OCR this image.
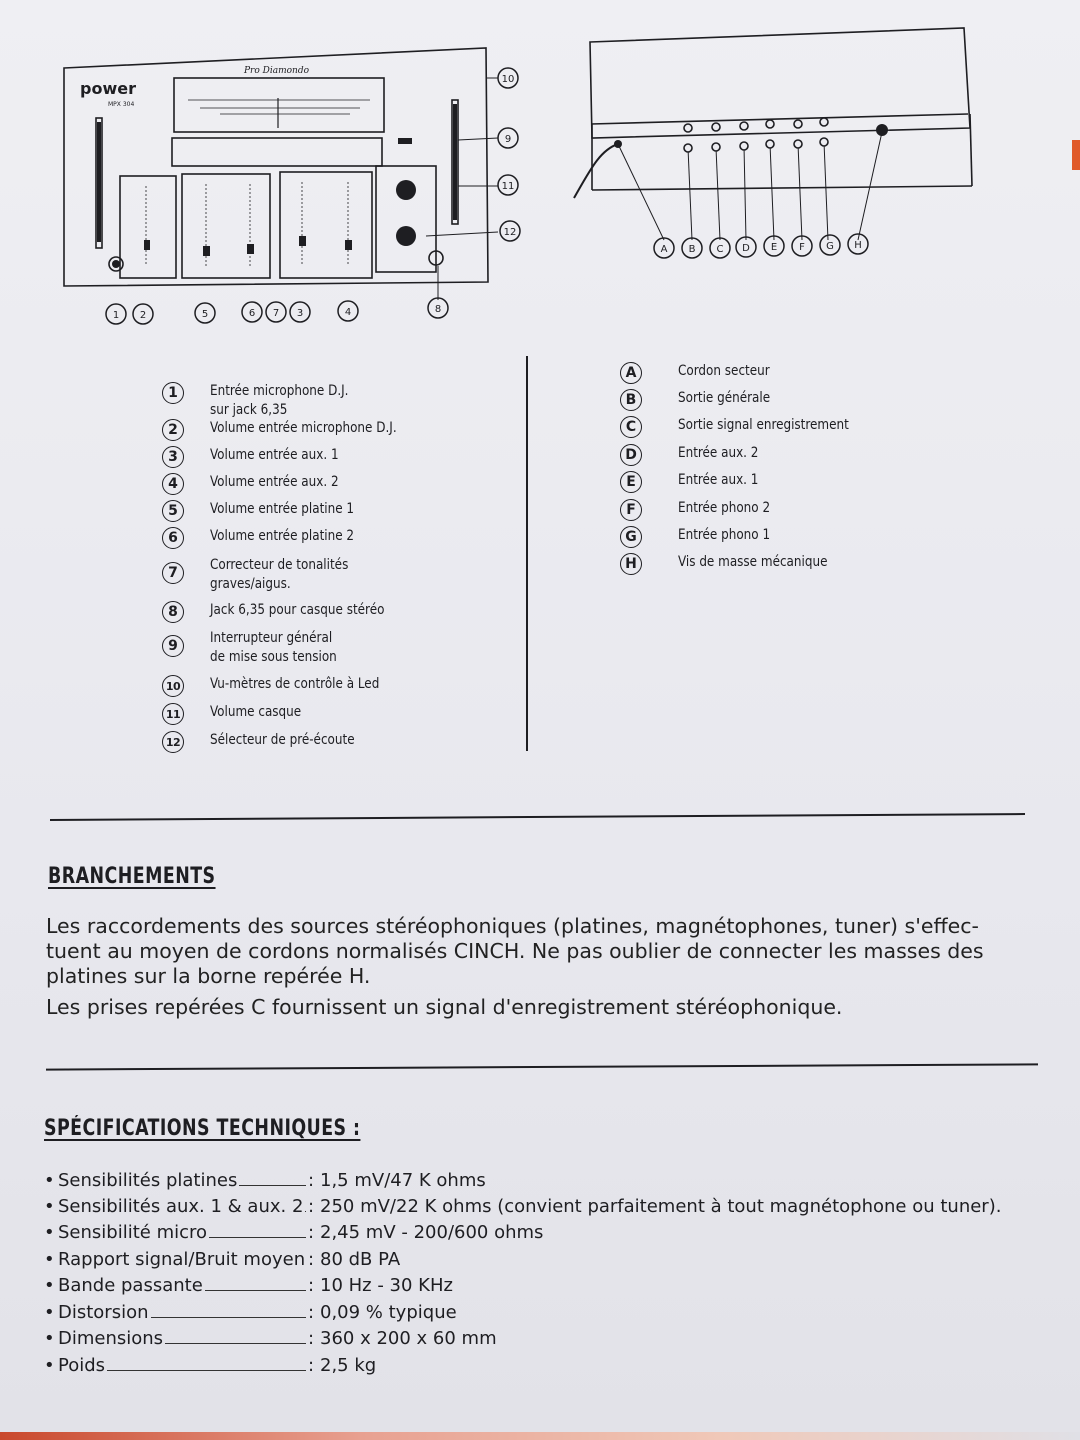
power
MPX 304
Pro Diamondo
10
9
11
12
1 2	5	6 7 3	4	8
A B C D E F G H
1	Entrée microphone D.J.
sur jack 6,35
2	Volume entrée microphone D.J.
3	Volume entrée aux. 1
4	Volume entrée aux. 2
5	Volume entrée platine 1
6	Volume entrée platine 2
7	Correcteur de tonalités
graves/aigus.
8	Jack 6,35 pour casque stéréo
9	Interrupteur général
de mise sous tension
10 Vu-mètres de contrôle à Led
11 Volume casque
12 Sélecteur de pré-écoute
A	Cordon secteur
B	Sortie générale
C	Sortie signal enregistrement
D	Entrée aux. 2
E	Entrée aux. 1
F	Entrée phono 2
G	Entrée phono 1
H	Vis de masse mécanique
BRANCHEMENTS

Les raccordements des sources stéréophoniques (platines, magnétophones, tuner) s'effec-

tuent au moyen de cordons normalisés CINCH. Ne pas oublier de connecter les masses des

platines sur la borne repérée H.

Les prises repérées C fournissent un signal d'enregistrement stéréophonique.

SPÉCIFICATIONS TECHNIQUES :
• Sensibilités platines	: 1,5 mV/47 K ohms
• Sensibilités aux. 1 & aux. 2 : 250 mV/22 K ohms (convient parfaitement à tout magnétophone ou tuner).
• Sensibilité micro	: 2,45 mV - 200/600 ohms
• Rapport signal/Bruit moyen : 80 dB PA
• Bande passante	: 10 Hz - 30 KHz
• Distorsion	: 0,09 % typique
• Dimensions	: 360 x 200 x 60 mm
• Poids	: 2,5 kg
